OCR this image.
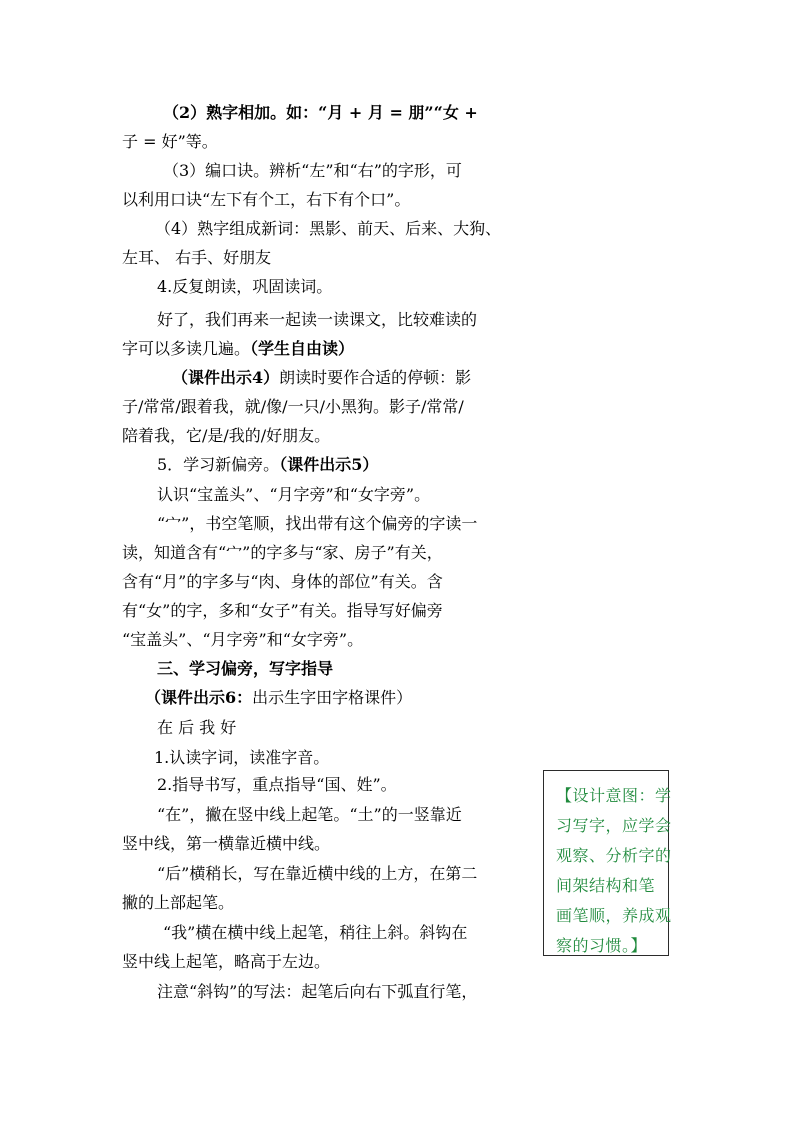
（2）熟字相加。如：“月 + 月 = 朋”“女 +
子 = 好”等。
（3）编口诀。辨析“左”和“右”的字形，可
以利用口诀“左下有个工，右下有个口”。
（4）熟字组成新词：黑影、前天、后来、大狗、
左耳、 右手、好朋友
4.反复朗读，巩固读词。
好了，我们再来一起读一读课文，比较难读的
字可以多读几遍。（学生自由读）
（课件出示4）朗读时要作合适的停顿：影
子/常常/跟着我，就/像/一只/小黑狗。影子/常常/
陪着我，它/是/我的/好朋友。
5．学习新偏旁。（课件出示5）
认识“宝盖头”、“月字旁”和“女字旁”。
“宀”，书空笔顺，找出带有这个偏旁的字读一
读，知道含有“宀”的字多与“家、房子”有关，
含有“月”的字多与“肉、身体的部位”有关。含
有“女”的字，多和“女子”有关。指导写好偏旁
“宝盖头”、“月字旁”和“女字旁”。
三、学习偏旁，写字指导
（课件出示6：出示生字田字格课件）
在 后 我 好
1.认读字词，读准字音。
2.指导书写，重点指导“国、姓”。
“在”，撇在竖中线上起笔。“土”的一竖靠近
竖中线，第一横靠近横中线。
“后”横稍长，写在靠近横中线的上方，在第二
撇的上部起笔。
“我”横在横中线上起笔，稍往上斜。斜钩在
竖中线上起笔，略高于左边。
注意“斜钩”的写法：起笔后向右下弧直行笔，
【设计意图：学
习写字，应学会
观察、分析字的
间架结构和笔
画笔顺，养成观
察的习惯。】
